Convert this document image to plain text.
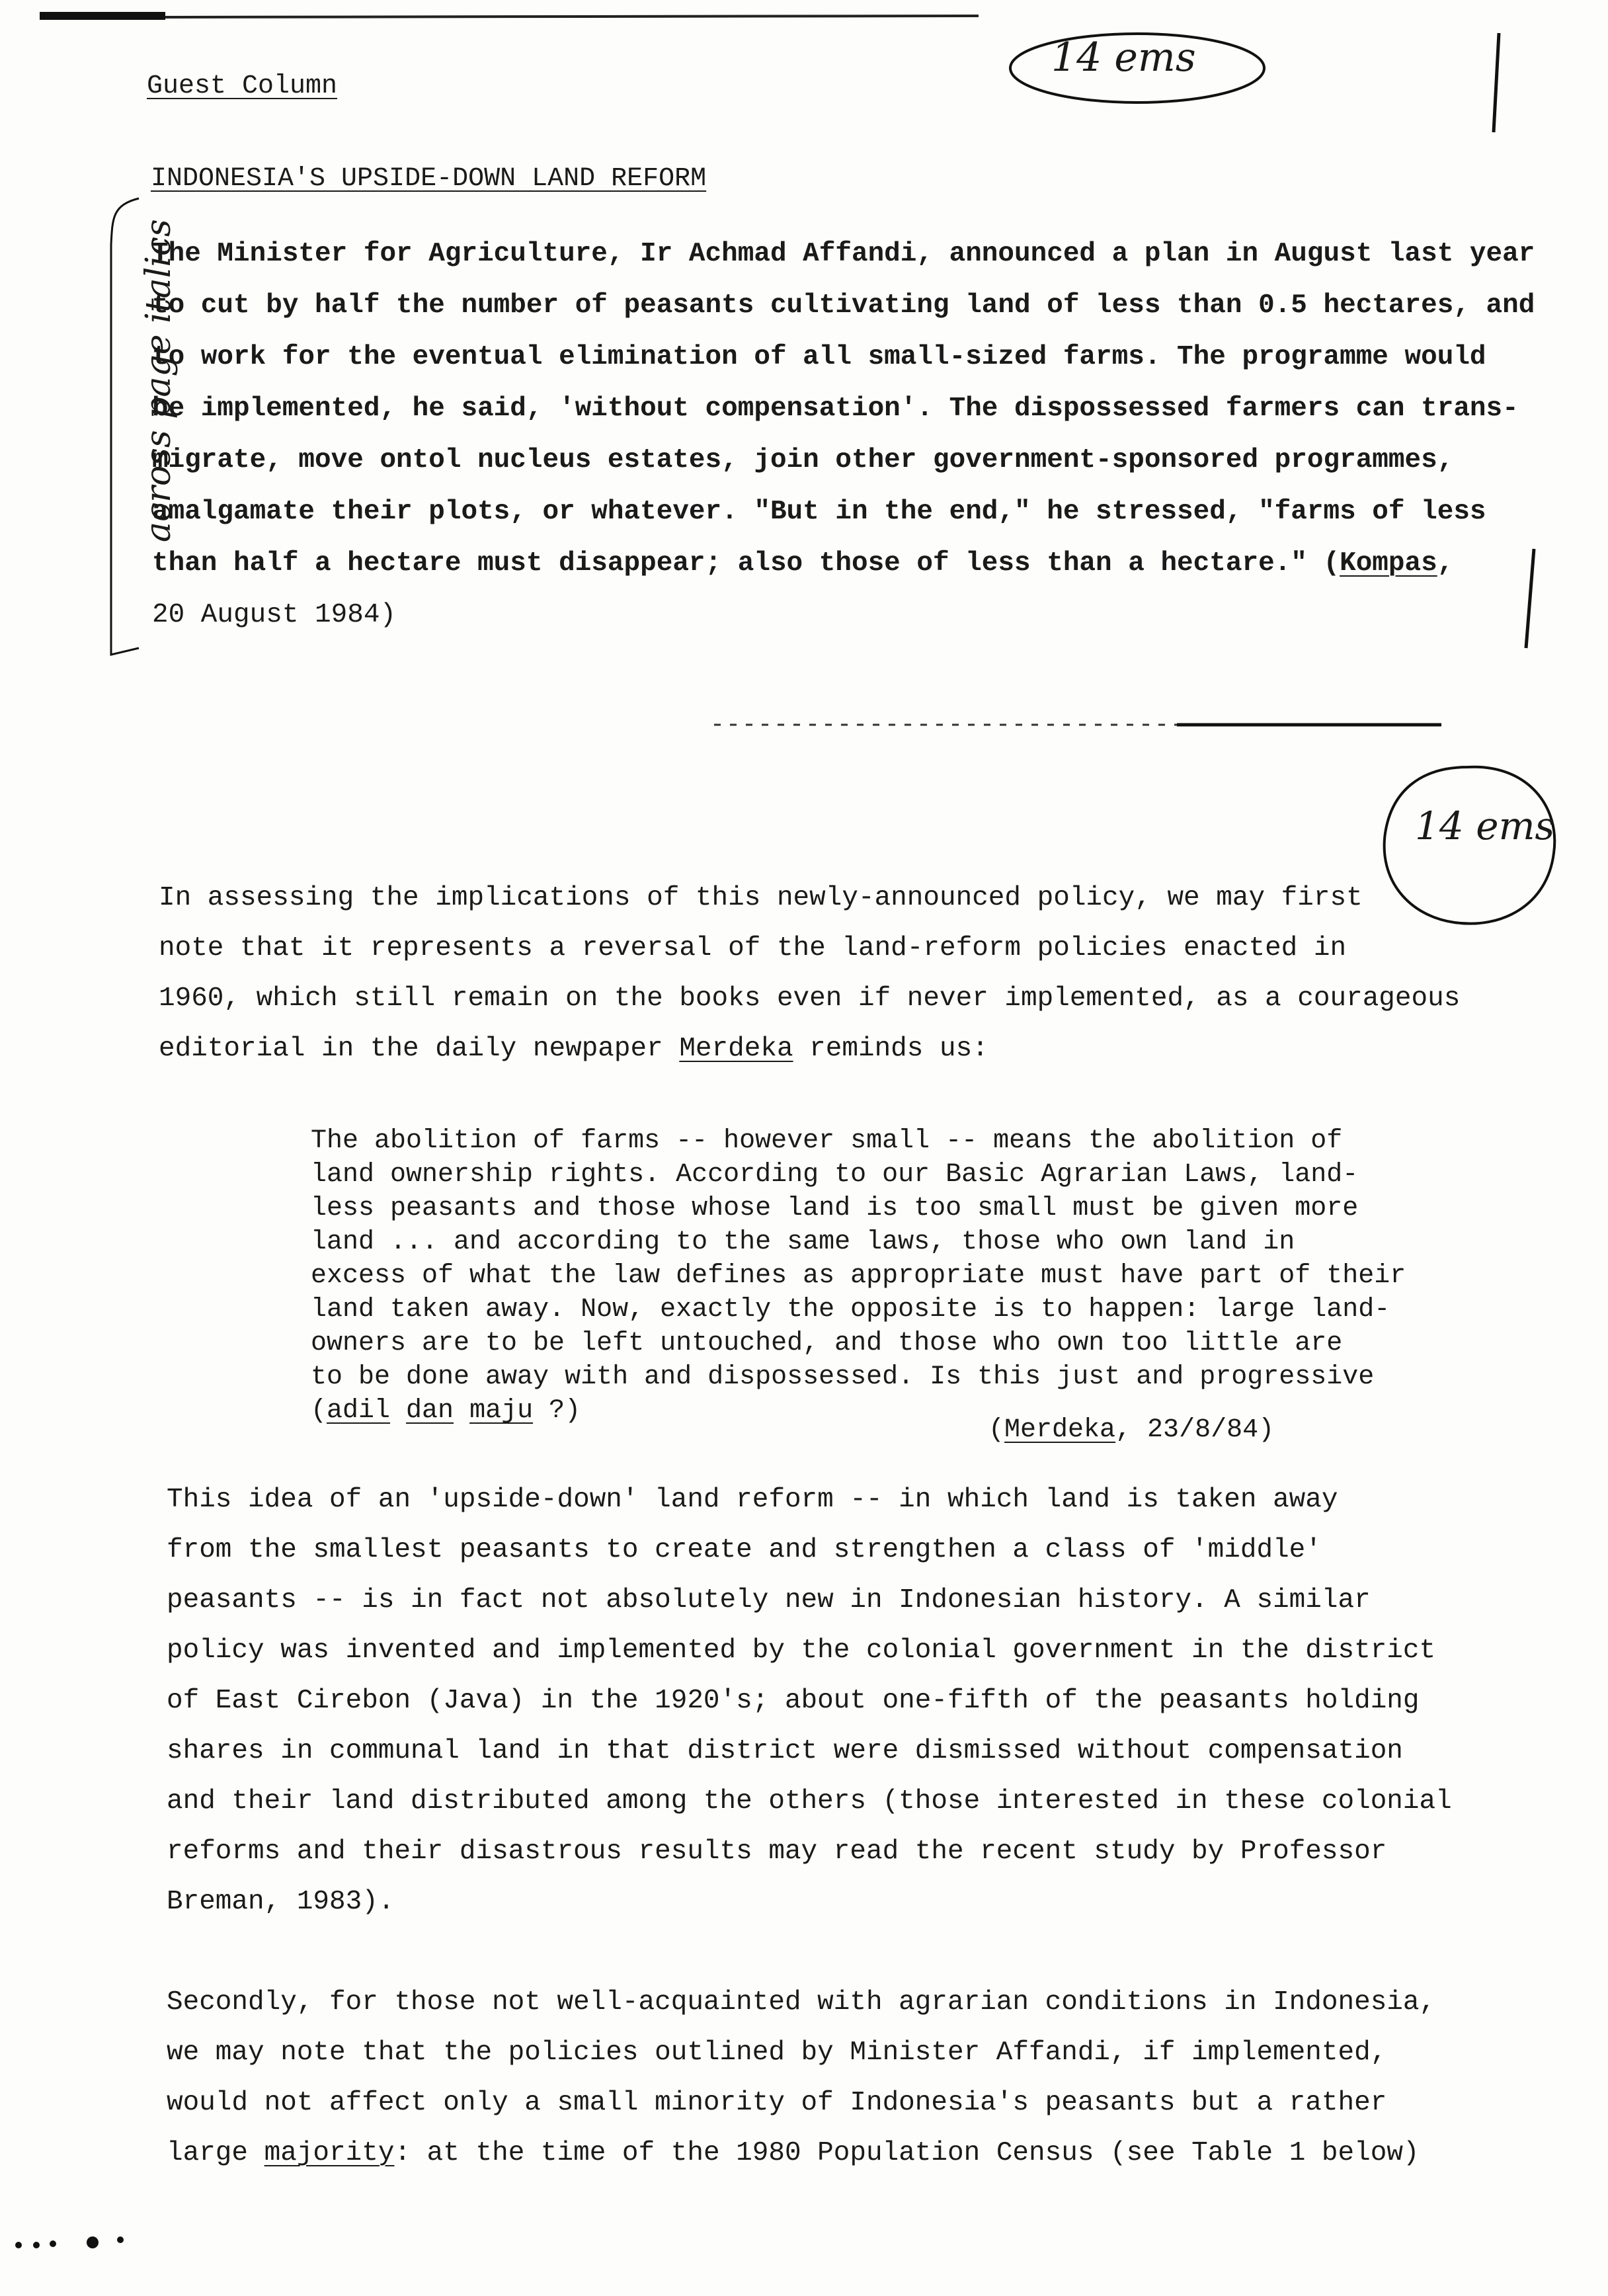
Guest Column
INDONESIA'S UPSIDE-DOWN LAND REFORM
14 ems
across page italics
The Minister for Agriculture, Ir Achmad Affandi, announced a plan in August last year
to cut by half the number of peasants cultivating land of less than 0.5 hectares, and
to work for the eventual elimination of all small-sized farms. The programme would
be implemented, he said, 'without compensation'. The dispossessed farmers can trans-
migrate, move ontol nucleus estates, join other government-sponsored programmes,
amalgamate their plots, or whatever. "But in the end," he stressed, "farms of less
than half a hectare must disappear; also those of less than a hectare." (Kompas,
20 August 1984)
14 ems
In assessing the implications of this newly-announced policy, we may first
note that it represents a reversal of the land-reform policies enacted in
1960, which still remain on the books even if never implemented, as a courageous
editorial in the daily newpaper Merdeka reminds us:
The abolition of farms -- however small -- means the abolition of
land ownership rights. According to our Basic Agrarian Laws, land-
less peasants and those whose land is too small must be given more
land ... and according to the same laws, those who own land in
excess of what the law defines as appropriate must have part of their
land taken away. Now, exactly the opposite is to happen: large land-
owners are to be left untouched, and those who own too little are
to be done away with and dispossessed. Is this just and progressive
(adil dan maju ?)
(Merdeka, 23/8/84)
This idea of an 'upside-down' land reform -- in which land is taken away
from the smallest peasants to create and strengthen a class of 'middle'
peasants -- is in fact not absolutely new in Indonesian history. A similar
policy was invented and implemented by the colonial government in the district
of East Cirebon (Java) in the 1920's; about one-fifth of the peasants holding
shares in communal land in that district were dismissed without compensation
and their land distributed among the others (those interested in these colonial
reforms and their disastrous results may read the recent study by Professor
Breman, 1983).
Secondly, for those not well-acquainted with agrarian conditions in Indonesia,
we may note that the policies outlined by Minister Affandi, if implemented,
would not affect only a small minority of Indonesia's peasants but a rather
large majority: at the time of the 1980 Population Census (see Table 1 below)
